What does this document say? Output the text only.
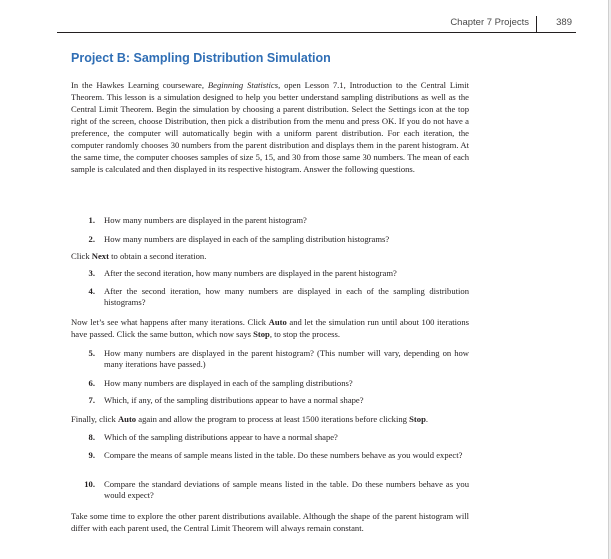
Chapter 7 Projects	389
Project B: Sampling Distribution Simulation

In the Hawkes Learning courseware, Beginning Statistics, open Lesson 7.1, Introduction to the Central Limit Theorem. This lesson is a simulation designed to help you better understand sampling distributions as well as the Central Limit Theorem. Begin the simulation by choosing a parent distribution. Select the Settings icon at the top right of the screen, choose Distribution, then pick a distribution from the menu and press OK. If you do not have a preference, the computer will automatically begin with a uniform parent distribution. For each iteration, the computer randomly chooses 30 numbers from the parent distribution and displays them in the parent histogram. At the same time, the computer chooses samples of size 5, 15, and 30 from those same 30 numbers. The mean of each sample is calculated and then displayed in its respective histogram. Answer the following questions.

1. How many numbers are displayed in the parent histogram?
2. How many numbers are displayed in each of the sampling distribution histograms?

Click Next to obtain a second iteration.

3. After the second iteration, how many numbers are displayed in the parent histogram?
4. After the second iteration, how many numbers are displayed in each of the sampling distribution histograms?

Now let’s see what happens after many iterations. Click Auto and let the simulation run until about 100 iterations have passed. Click the same button, which now says Stop, to stop the process.

5. How many numbers are displayed in the parent histogram? (This number will vary, depending on how many iterations have passed.)
6. How many numbers are displayed in each of the sampling distributions?
7. Which, if any, of the sampling distributions appear to have a normal shape?

Finally, click Auto again and allow the program to process at least 1500 iterations before clicking Stop.

8. Which of the sampling distributions appear to have a normal shape?
9. Compare the means of sample means listed in the table. Do these numbers behave as you would expect?
10. Compare the standard deviations of sample means listed in the table. Do these numbers behave as you would expect?

Take some time to explore the other parent distributions available. Although the shape of the parent histogram will differ with each parent used, the Central Limit Theorem will always remain constant.
